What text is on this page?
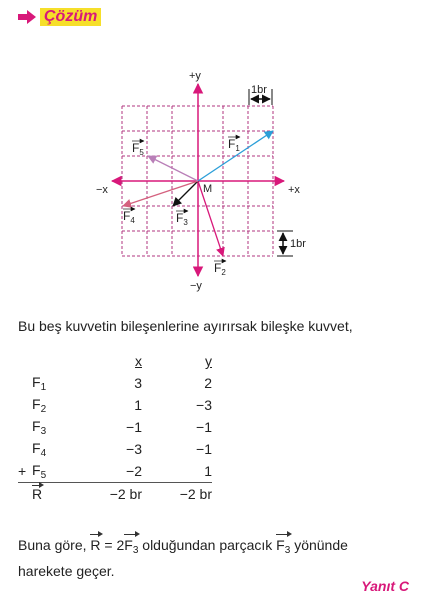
Çözüm
+y
−y
−x	+x
M
1br
1br
$F_1$
$F_2$
$F_3$
$F_4$
$F_5$

Bu beş kuvvetin bileşenlerine ayırırsak bileşke kuvvet,

		x	y
	$F_1$	3	2
	$F_2$	1	−3
	$F_3$	−1	−1
	$F_4$	−3	−1
+	$F_5$	−2	1
	R	−2 br	−2 br

Buna göre, $R = 2F_3$ olduğundan parçacık $F_3$ yönünde
harekete geçer.

Yanıt C
